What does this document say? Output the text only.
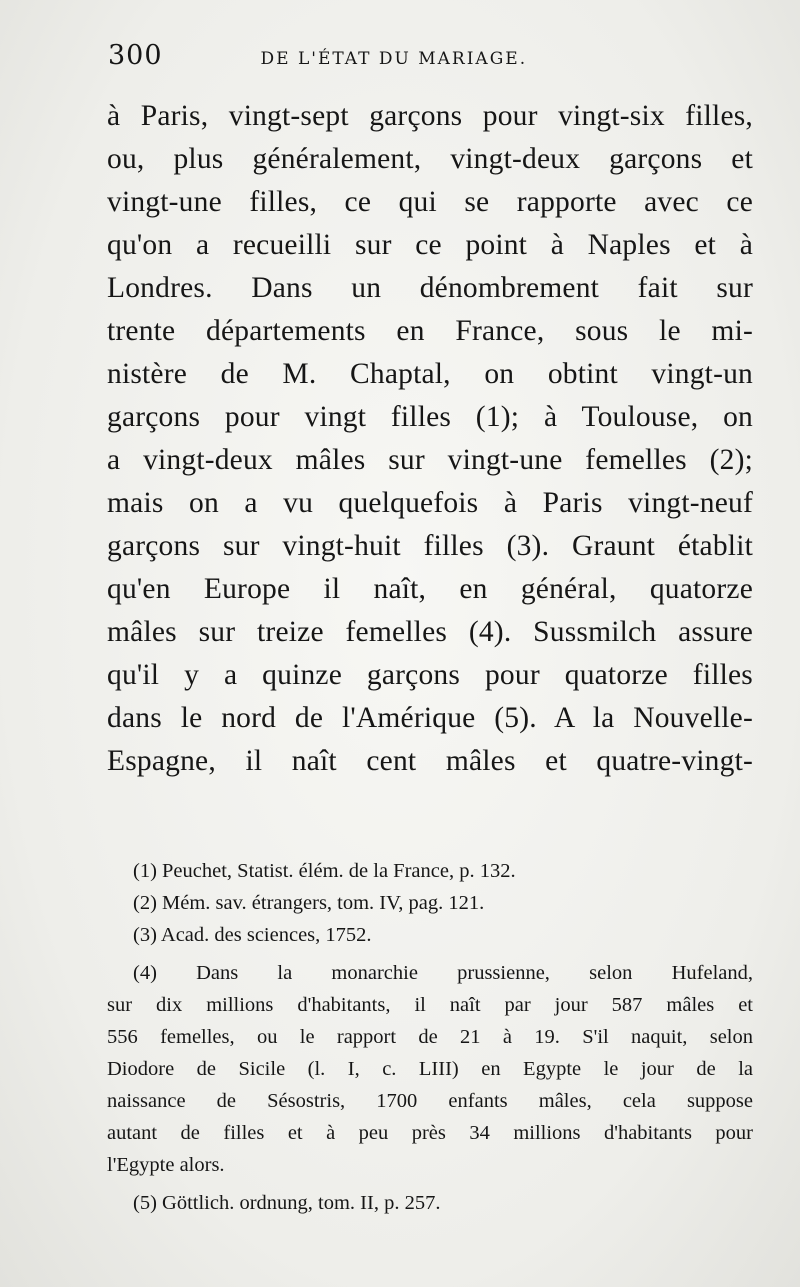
300	DE L'ÉTAT DU MARIAGE.
à Paris, vingt-sept garçons pour vingt-six filles,
ou, plus généralement, vingt-deux garçons et
vingt-une filles, ce qui se rapporte avec ce
qu'on a recueilli sur ce point à Naples et à
Londres. Dans un dénombrement fait sur
trente départements en France, sous le mi-
nistère de M. Chaptal, on obtint vingt-un
garçons pour vingt filles (1); à Toulouse, on
a vingt-deux mâles sur vingt-une femelles (2);
mais on a vu quelquefois à Paris vingt-neuf
garçons sur vingt-huit filles (3). Graunt établit
qu'en Europe il naît, en général, quatorze
mâles sur treize femelles (4). Sussmilch assure
qu'il y a quinze garçons pour quatorze filles
dans le nord de l'Amérique (5). A la Nouvelle-
Espagne, il naît cent mâles et quatre-vingt-
(1) Peuchet, Statist. élém. de la France, p. 132.
(2) Mém. sav. étrangers, tom. IV, pag. 121.
(3) Acad. des sciences, 1752.
(4) Dans la monarchie prussienne, selon Hufeland,
sur dix millions d'habitants, il naît par jour 587 mâles et
556 femelles, ou le rapport de 21 à 19. S'il naquit, selon
Diodore de Sicile (l. I, c. LIII) en Egypte le jour de la
naissance de Sésostris, 1700 enfants mâles, cela suppose
autant de filles et à peu près 34 millions d'habitants pour
l'Egypte alors.
(5) Göttlich. ordnung, tom. II, p. 257.
